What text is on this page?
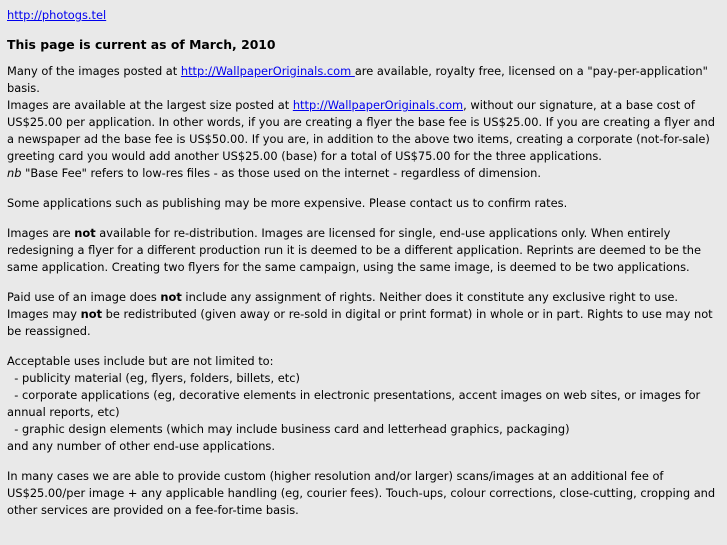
http://photogs.tel
This page is current as of March, 2010

Many of the images posted at http://WallpaperOriginals.com are available, royalty free, licensed on a "pay-per-application" basis.
Images are available at the largest size posted at http://WallpaperOriginals.com, without our signature, at a base cost of US$25.00 per application. In other words, if you are creating a flyer the base fee is US$25.00. If you are creating a flyer and a newspaper ad the base fee is US$50.00. If you are, in addition to the above two items, creating a corporate (not-for-sale) greeting card you would add another US$25.00 (base) for a total of US$75.00 for the three applications.
nb "Base Fee" refers to low-res files - as those used on the internet - regardless of dimension.

Some applications such as publishing may be more expensive. Please contact us to confirm rates.

Images are not available for re-distribution. Images are licensed for single, end-use applications only. When entirely redesigning a flyer for a different production run it is deemed to be a different application. Reprints are deemed to be the same application. Creating two flyers for the same campaign, using the same image, is deemed to be two applications.

Paid use of an image does not include any assignment of rights. Neither does it constitute any exclusive right to use.
Images may not be redistributed (given away or re-sold in digital or print format) in whole or in part. Rights to use may not be reassigned.

Acceptable uses include but are not limited to:
- publicity material (eg, flyers, folders, billets, etc)
- corporate applications (eg, decorative elements in electronic presentations, accent images on web sites, or images for annual reports, etc)
- graphic design elements (which may include business card and letterhead graphics, packaging)
and any number of other end-use applications.

In many cases we are able to provide custom (higher resolution and/or larger) scans/images at an additional fee of US$25.00/per image + any applicable handling (eg, courier fees). Touch-ups, colour corrections, close-cutting, cropping and other services are provided on a fee-for-time basis.
